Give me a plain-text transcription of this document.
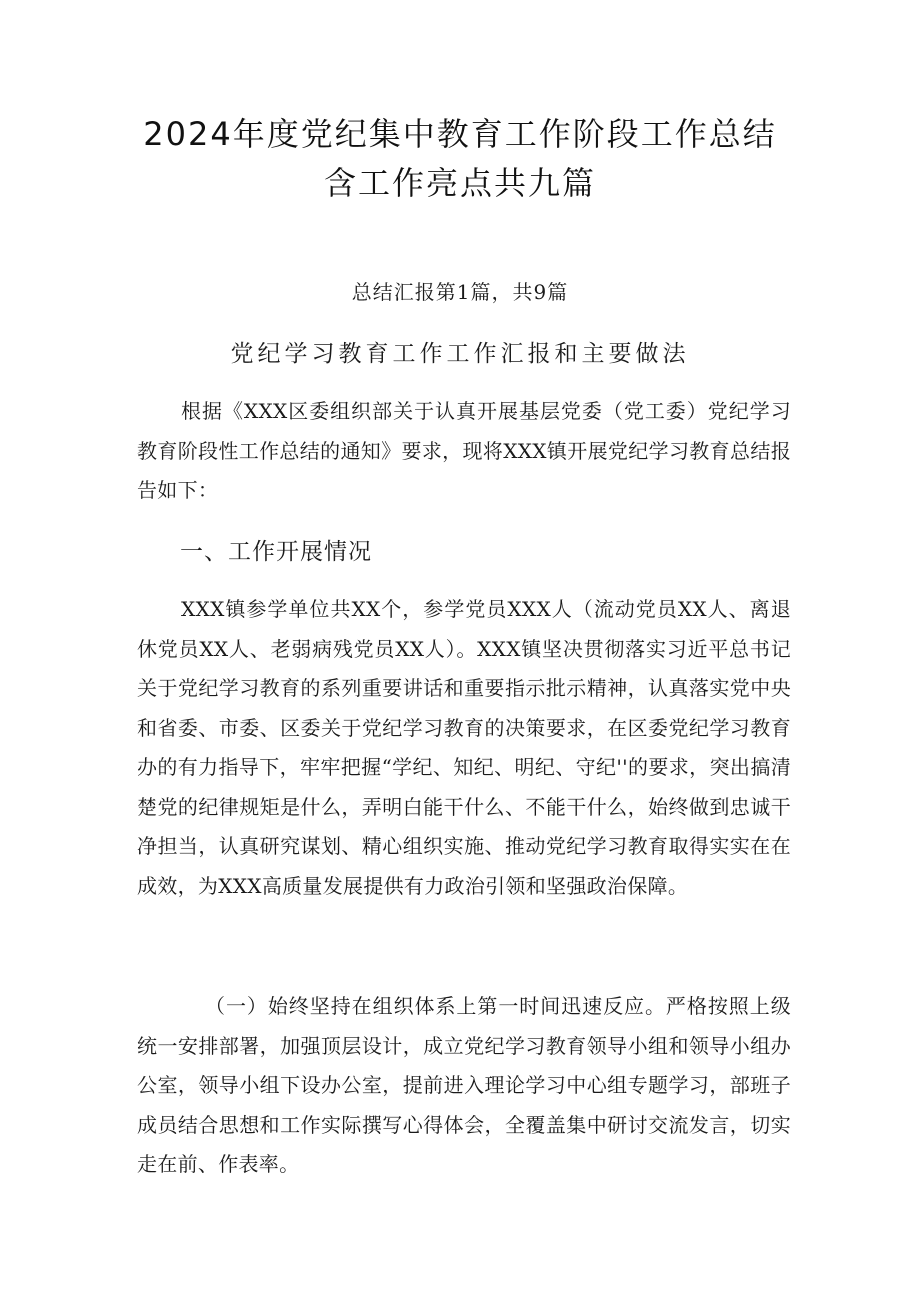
2024年度党纪集中教育工作阶段工作总结
含工作亮点共九篇
总结汇报第1篇，共9篇
党纪学习教育工作工作汇报和主要做法
根据《XXX区委组织部关于认真开展基层党委（党工委）党纪学习教育阶段性工作总结的通知》要求，现将XXX镇开展党纪学习教育总结报告如下：
一、工作开展情况
XXX镇参学单位共XX个，参学党员XXX人（流动党员XX人、离退休党员XX人、老弱病残党员XX人）。XXX镇坚决贯彻落实习近平总书记关于党纪学习教育的系列重要讲话和重要指示批示精神，认真落实党中央和省委、市委、区委关于党纪学习教育的决策要求，在区委党纪学习教育办的有力指导下，牢牢把握“学纪、知纪、明纪、守纪''的要求，突出搞清楚党的纪律规矩是什么，弄明白能干什么、不能干什么，始终做到忠诚干净担当，认真研究谋划、精心组织实施、推动党纪学习教育取得实实在在成效，为XXX高质量发展提供有力政治引领和坚强政治保障。
（一）始终坚持在组织体系上第一时间迅速反应。严格按照上级统一安排部署，加强顶层设计，成立党纪学习教育领导小组和领导小组办公室，领导小组下设办公室，提前进入理论学习中心组专题学习，部班子成员结合思想和工作实际撰写心得体会，全覆盖集中研讨交流发言，切实走在前、作表率。
